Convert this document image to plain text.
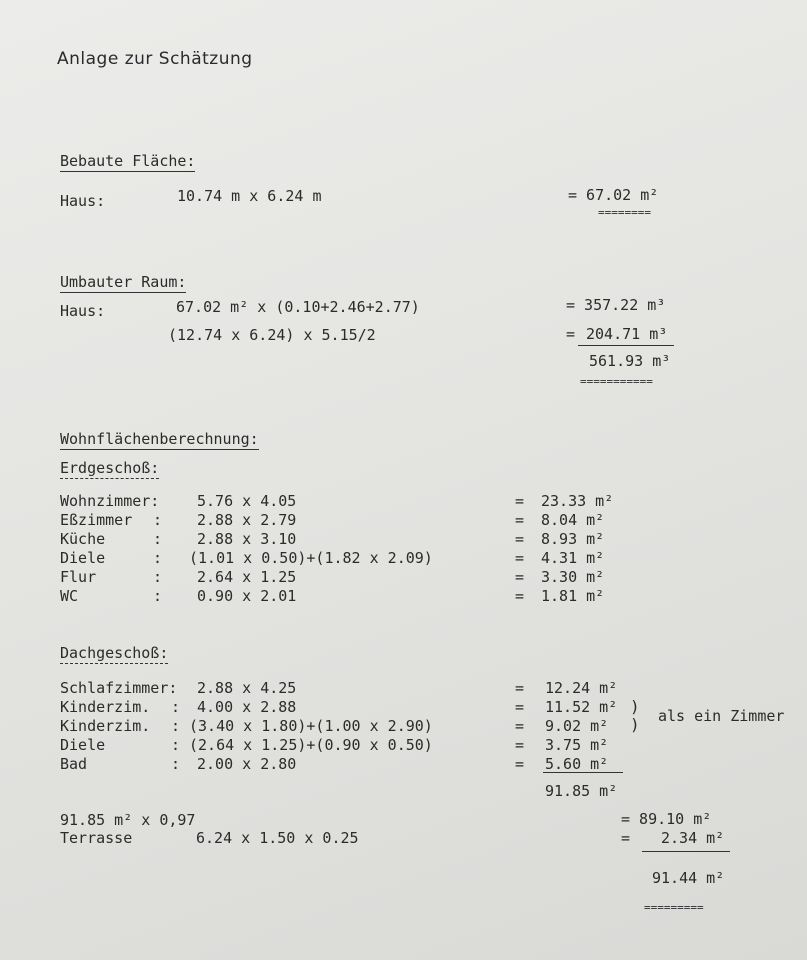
Anlage zur Schätzung
Bebaute Fläche:
Haus:	10.74 m x 6.24 m	= 67.02 m²
========
Umbauter Raum:
Haus:	67.02 m² x (0.10+2.46+2.77)	= 357.22 m³
(12.74 x 6.24) x 5.15/2	= 204.71 m³
561.93 m³
===========
Wohnflächenberechnung:
Erdgeschoß:
Wohnzimmer:	5.76 x 4.05	= 23.33 m²
Eßzimmer : 2.88 x 2.79	= 8.04 m²
Küche	: 2.88 x 3.10	= 8.93 m²
Diele	: (1.01 x 0.50)+(1.82 x 2.09)	= 4.31 m²
Flur	: 2.64 x 1.25	= 3.30 m²
WC	: 0.90 x 2.01	= 1.81 m²
Dachgeschoß:
Schlafzimmer: 2.88 x 4.25	= 12.24 m²
Kinderzim. : 4.00 x 2.88	= 11.52 m²
Kinderzim. : (3.40 x 1.80)+(1.00 x 2.90)	= 9.02 m²
Diele	: (2.64 x 1.25)+(0.90 x 0.50)	= 3.75 m²
Bad	: 2.00 x 2.80	= 5.60 m²
)
) als ein Zimmer
91.85 m²
91.85 m² x 0,97	= 89.10 m²
Terrasse	6.24 x 1.50 x 0.25	= 2.34 m²
91.44 m²
=========
